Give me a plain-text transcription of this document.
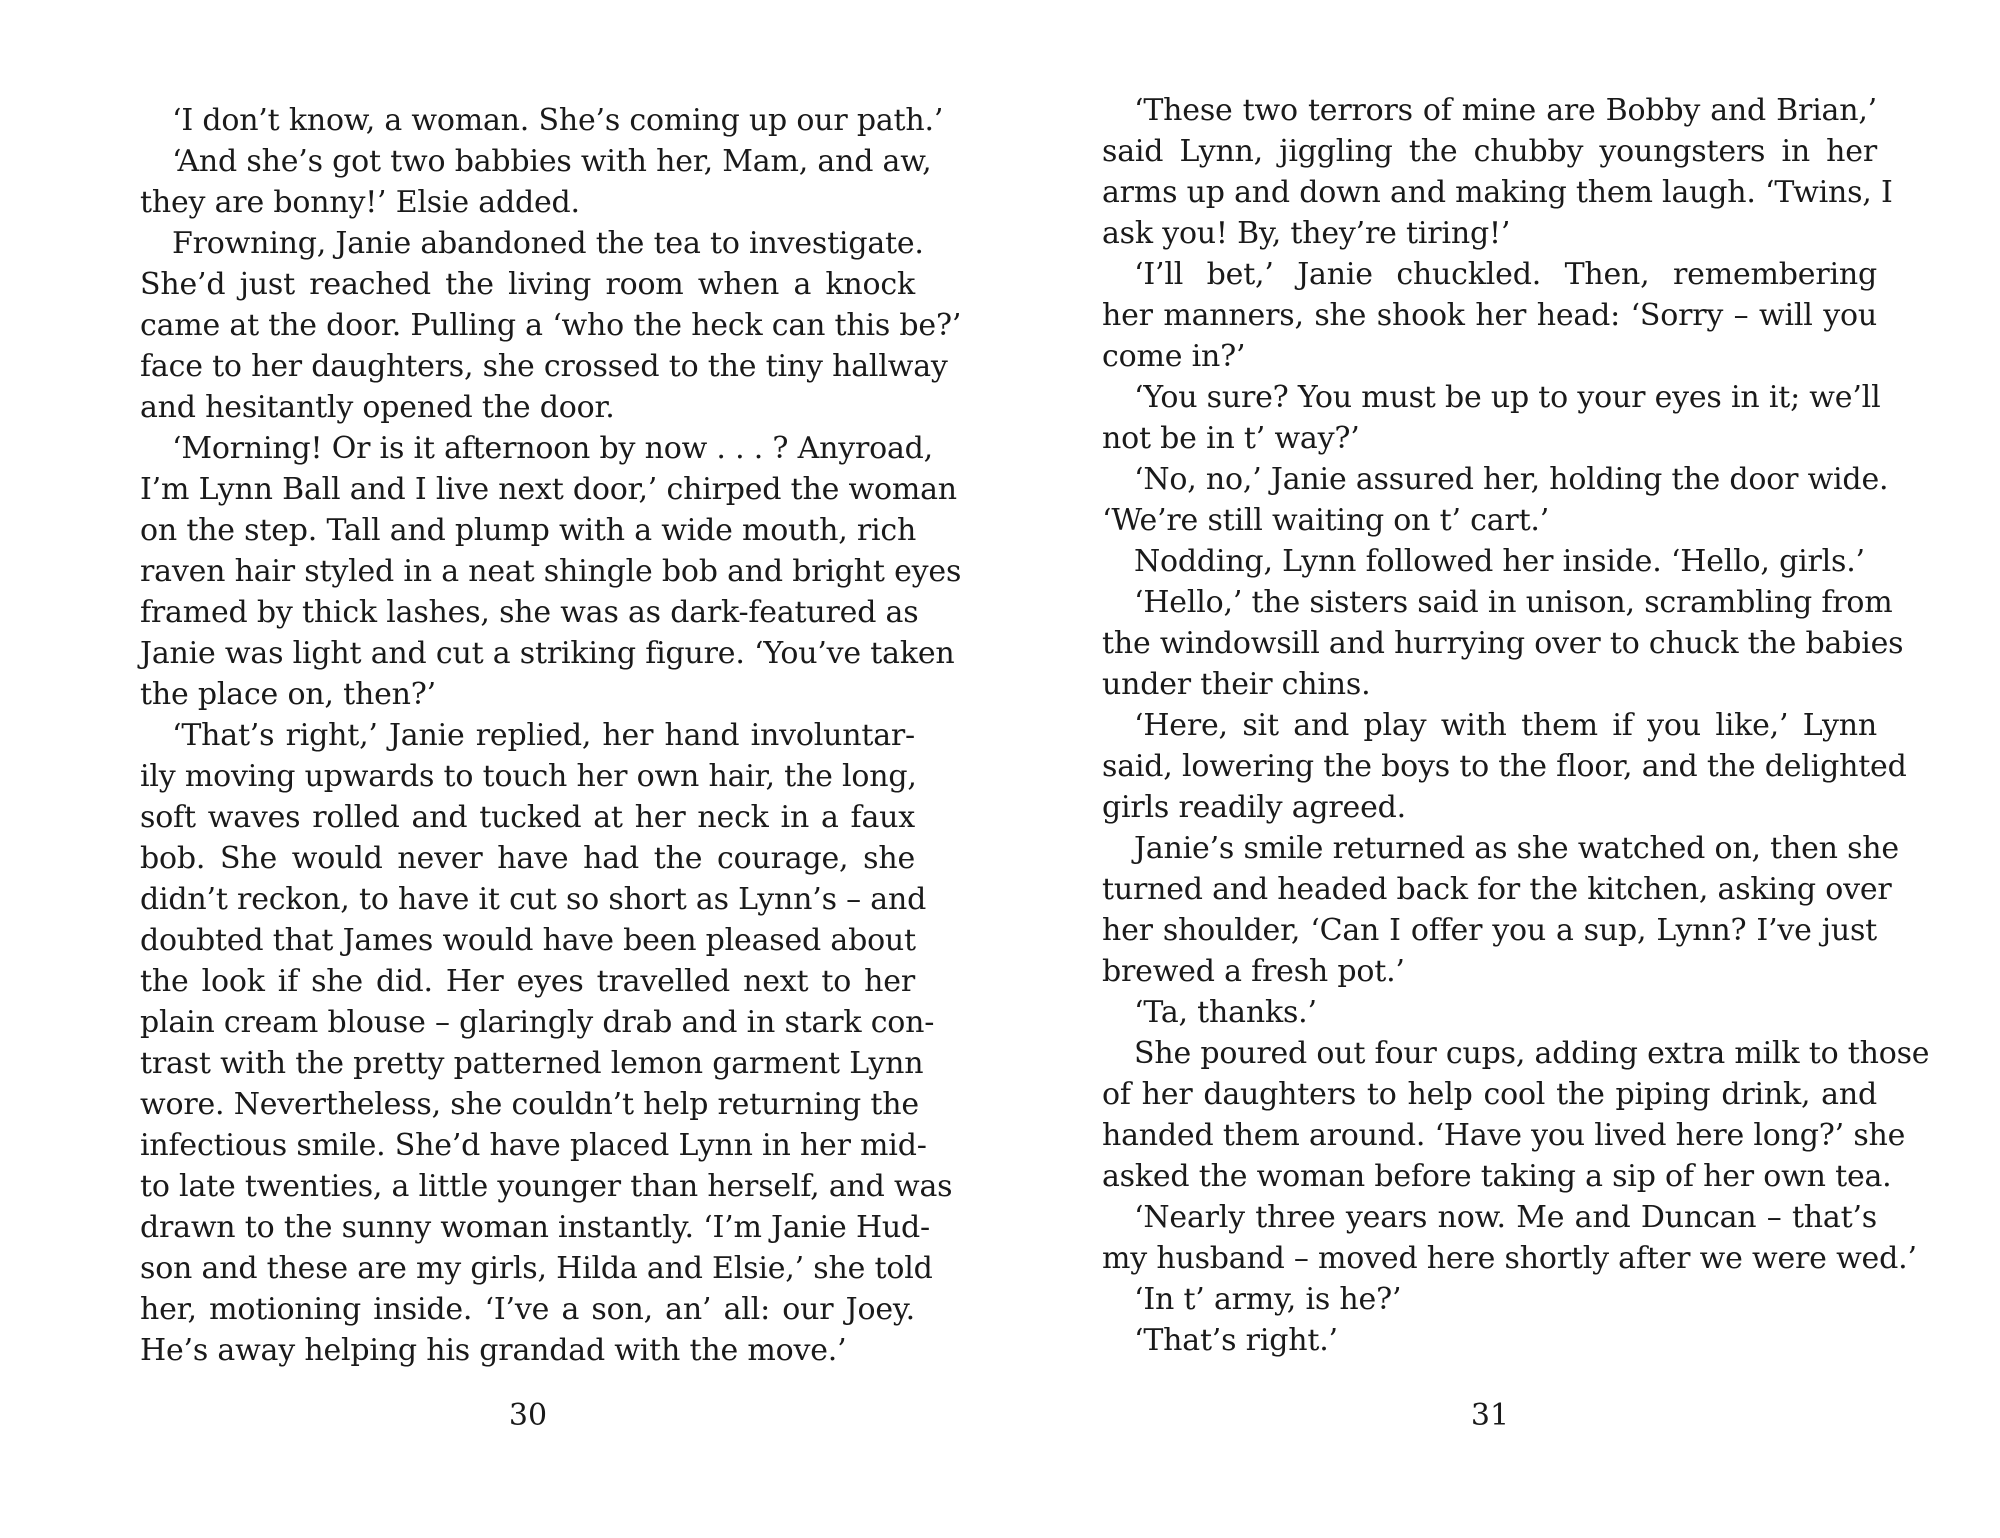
‘I don’t know, a woman. She’s coming up our path.’
‘And she’s got two babbies with her, Mam, and aw,
they are bonny!’ Elsie added.
Frowning, Janie abandoned the tea to investigate.
She’d just reached the living room when a knock
came at the door. Pulling a ‘who the heck can this be?’
face to her daughters, she crossed to the tiny hallway
and hesitantly opened the door.
‘Morning! Or is it afternoon by now . . . ? Anyroad,
I’m Lynn Ball and I live next door,’ chirped the woman
on the step. Tall and plump with a wide mouth, rich
raven hair styled in a neat shingle bob and bright eyes
framed by thick lashes, she was as dark-featured as
Janie was light and cut a striking figure. ‘You’ve taken
the place on, then?’
‘That’s right,’ Janie replied, her hand involuntar-
ily moving upwards to touch her own hair, the long,
soft waves rolled and tucked at her neck in a faux
bob. She would never have had the courage, she
didn’t reckon, to have it cut so short as Lynn’s – and
doubted that James would have been pleased about
the look if she did. Her eyes travelled next to her
plain cream blouse – glaringly drab and in stark con-
trast with the pretty patterned lemon garment Lynn
wore. Nevertheless, she couldn’t help returning the
infectious smile. She’d have placed Lynn in her mid-
to late twenties, a little younger than herself, and was
drawn to the sunny woman instantly. ‘I’m Janie Hud-
son and these are my girls, Hilda and Elsie,’ she told
her, motioning inside. ‘I’ve a son, an’ all: our Joey.
He’s away helping his grandad with the move.’
30
‘These two terrors of mine are Bobby and Brian,’
said Lynn, jiggling the chubby youngsters in her
arms up and down and making them laugh. ‘Twins, I
ask you! By, they’re tiring!’
‘I’ll bet,’ Janie chuckled. Then, remembering
her manners, she shook her head: ‘Sorry – will you
come in?’
‘You sure? You must be up to your eyes in it; we’ll
not be in t’ way?’
‘No, no,’ Janie assured her, holding the door wide.
‘We’re still waiting on t’ cart.’
Nodding, Lynn followed her inside. ‘Hello, girls.’
‘Hello,’ the sisters said in unison, scrambling from
the windowsill and hurrying over to chuck the babies
under their chins.
‘Here, sit and play with them if you like,’ Lynn
said, lowering the boys to the floor, and the delighted
girls readily agreed.
Janie’s smile returned as she watched on, then she
turned and headed back for the kitchen, asking over
her shoulder, ‘Can I offer you a sup, Lynn? I’ve just
brewed a fresh pot.’
‘Ta, thanks.’
She poured out four cups, adding extra milk to those
of her daughters to help cool the piping drink, and
handed them around. ‘Have you lived here long?’ she
asked the woman before taking a sip of her own tea.
‘Nearly three years now. Me and Duncan – that’s
my husband – moved here shortly after we were wed.’
‘In t’ army, is he?’
‘That’s right.’
31
